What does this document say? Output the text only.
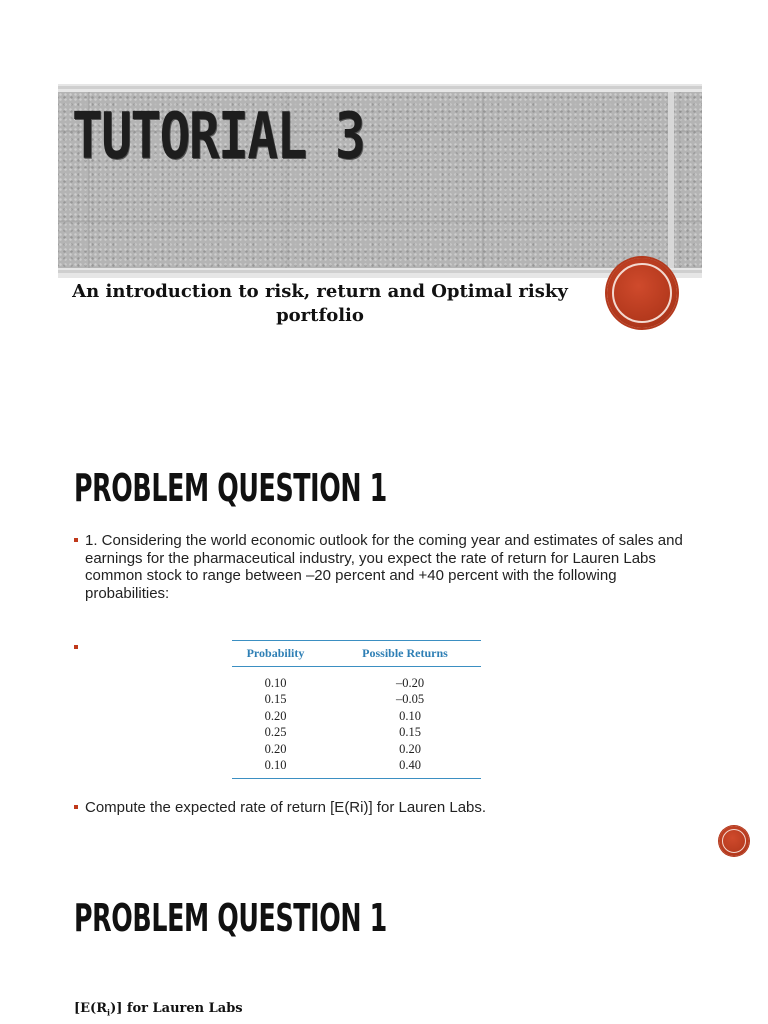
TUTORIAL 3
An introduction to risk, return and Optimal risky portfolio
PROBLEM QUESTION 1
1. Considering the world economic outlook for the coming year and estimates of sales and earnings for the pharmaceutical industry, you expect the rate of return for Lauren Labs common stock to range between –20 percent and +40 percent with the following probabilities:
Probability	Possible Returns
0.10	–0.20
0.15	–0.05
0.20	0.10
0.25	0.15
0.20	0.20
0.10	0.40
Compute the expected rate of return [E(Ri)] for Lauren Labs.
PROBLEM QUESTION 1
$[E(R_i)]$ for Lauren Labs
